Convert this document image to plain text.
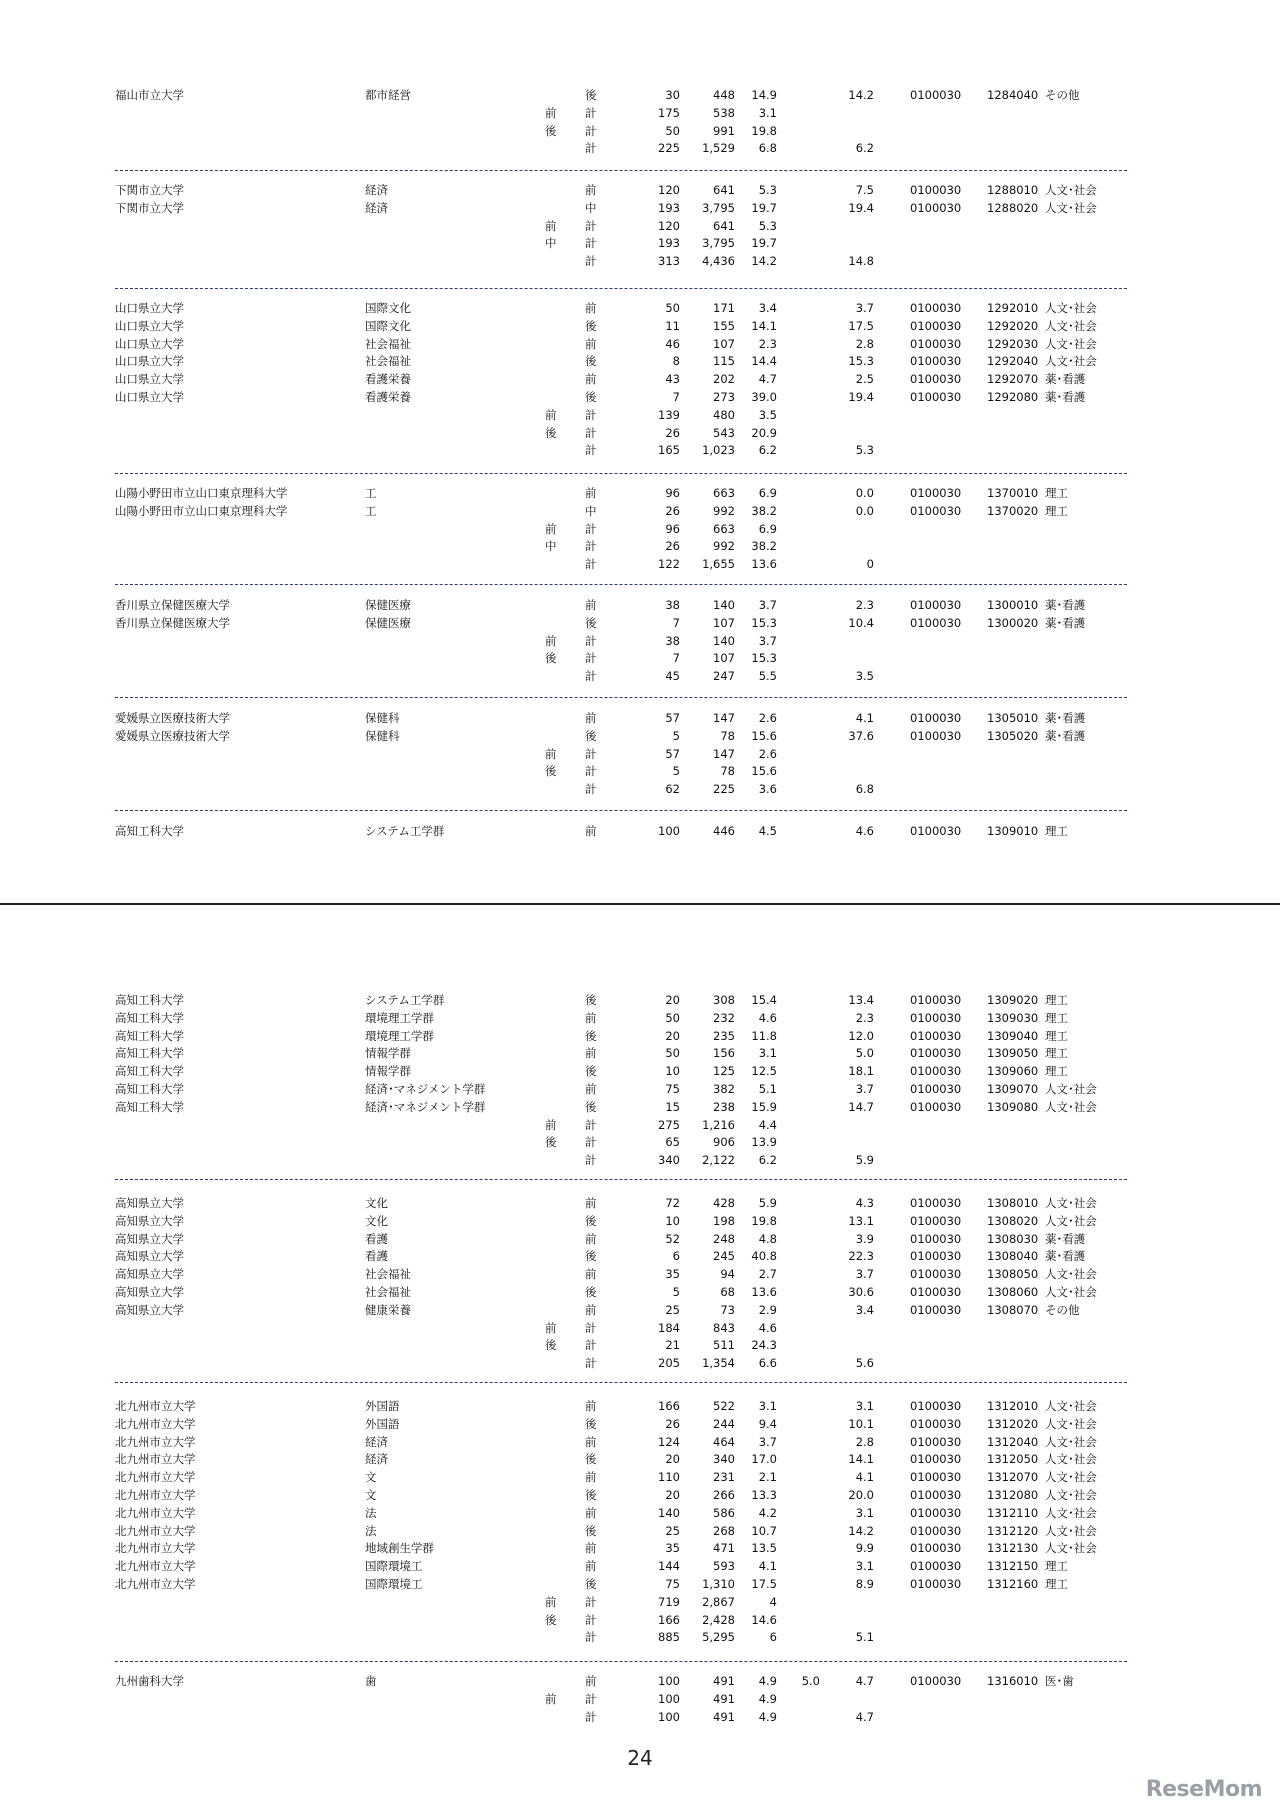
福山市立大学	都市経営	後	30	448	14.9	14.2	0100030 1284040 その他
前 計	175	538	3.1
後 計	50	991	19.8
計	225	1,529	6.8	6.2
下関市立大学	経済	前	120	641	5.3	7.5	0100030 1288010 人文･社会
下関市立大学	経済	中	193	3,795	19.7	19.4	0100030 1288020 人文･社会
前 計	120	641	5.3
中 計	193	3,795	19.7
計	313	4,436	14.2	14.8
山口県立大学	国際文化	前	50	171	3.4	3.7	0100030 1292010 人文･社会
山口県立大学	国際文化	後	11	155	14.1	17.5	0100030 1292020 人文･社会
山口県立大学	社会福祉	前	46	107	2.3	2.8	0100030 1292030 人文･社会
山口県立大学	社会福祉	後	8	115	14.4	15.3	0100030 1292040 人文･社会
山口県立大学	看護栄養	前	43	202	4.7	2.5	0100030 1292070 薬･看護
山口県立大学	看護栄養	後	7	273	39.0	19.4	0100030 1292080 薬･看護
前 計	139	480	3.5
後 計	26	543	20.9
計	165	1,023	6.2	5.3
山陽小野田市立山口東京理科大学	工	前	96	663	6.9	0.0	0100030 1370010 理工
山陽小野田市立山口東京理科大学	工	中	26	992	38.2	0.0	0100030 1370020 理工
前 計	96	663	6.9
中 計	26	992	38.2
計	122	1,655	13.6	0
香川県立保健医療大学	保健医療	前	38	140	3.7	2.3	0100030 1300010 薬･看護
香川県立保健医療大学	保健医療	後	7	107	15.3	10.4	0100030 1300020 薬･看護
前 計	38	140	3.7
後 計	7	107	15.3
計	45	247	5.5	3.5
愛媛県立医療技術大学	保健科	前	57	147	2.6	4.1	0100030 1305010 薬･看護
愛媛県立医療技術大学	保健科	後	5	78	15.6	37.6	0100030 1305020 薬･看護
前 計	57	147	2.6
後 計	5	78	15.6
計	62	225	3.6	6.8
高知工科大学	システム工学群	前	100	446	4.5	4.6	0100030 1309010 理工
高知工科大学	システム工学群	後	20	308	15.4	13.4	0100030 1309020 理工
高知工科大学	環境理工学群	前	50	232	4.6	2.3	0100030 1309030 理工
高知工科大学	環境理工学群	後	20	235	11.8	12.0	0100030 1309040 理工
高知工科大学	情報学群	前	50	156	3.1	5.0	0100030 1309050 理工
高知工科大学	情報学群	後	10	125	12.5	18.1	0100030 1309060 理工
高知工科大学	経済･マネジメント学群	前	75	382	5.1	3.7	0100030 1309070 人文･社会
高知工科大学	経済･マネジメント学群	後	15	238	15.9	14.7	0100030 1309080 人文･社会
前 計	275	1,216	4.4
後 計	65	906	13.9
計	340	2,122	6.2	5.9
高知県立大学	文化	前	72	428	5.9	4.3	0100030 1308010 人文･社会
高知県立大学	文化	後	10	198	19.8	13.1	0100030 1308020 人文･社会
高知県立大学	看護	前	52	248	4.8	3.9	0100030 1308030 薬･看護
高知県立大学	看護	後	6	245	40.8	22.3	0100030 1308040 薬･看護
高知県立大学	社会福祉	前	35	94	2.7	3.7	0100030 1308050 人文･社会
高知県立大学	社会福祉	後	5	68	13.6	30.6	0100030 1308060 人文･社会
高知県立大学	健康栄養	前	25	73	2.9	3.4	0100030 1308070 その他
前 計	184	843	4.6
後 計	21	511	24.3
計	205	1,354	6.6	5.6
北九州市立大学	外国語	前	166	522	3.1	3.1	0100030 1312010 人文･社会
北九州市立大学	外国語	後	26	244	9.4	10.1	0100030 1312020 人文･社会
北九州市立大学	経済	前	124	464	3.7	2.8	0100030 1312040 人文･社会
北九州市立大学	経済	後	20	340	17.0	14.1	0100030 1312050 人文･社会
北九州市立大学	文	前	110	231	2.1	4.1	0100030 1312070 人文･社会
北九州市立大学	文	後	20	266	13.3	20.0	0100030 1312080 人文･社会
北九州市立大学	法	前	140	586	4.2	3.1	0100030 1312110 人文･社会
北九州市立大学	法	後	25	268	10.7	14.2	0100030 1312120 人文･社会
北九州市立大学	地域創生学群	前	35	471	13.5	9.9	0100030 1312130 人文･社会
北九州市立大学	国際環境工	前	144	593	4.1	3.1	0100030 1312150 理工
北九州市立大学	国際環境工	後	75	1,310	17.5	8.9	0100030 1312160 理工
前 計	719	2,867	4
後 計	166	2,428	14.6
計	885	5,295	6	5.1
九州歯科大学	歯	前	100	491	4.9	5.0	4.7	0100030 1316010 医･歯
前 計	100	491	4.9
計	100	491	4.9	4.7
24
ReseMom
